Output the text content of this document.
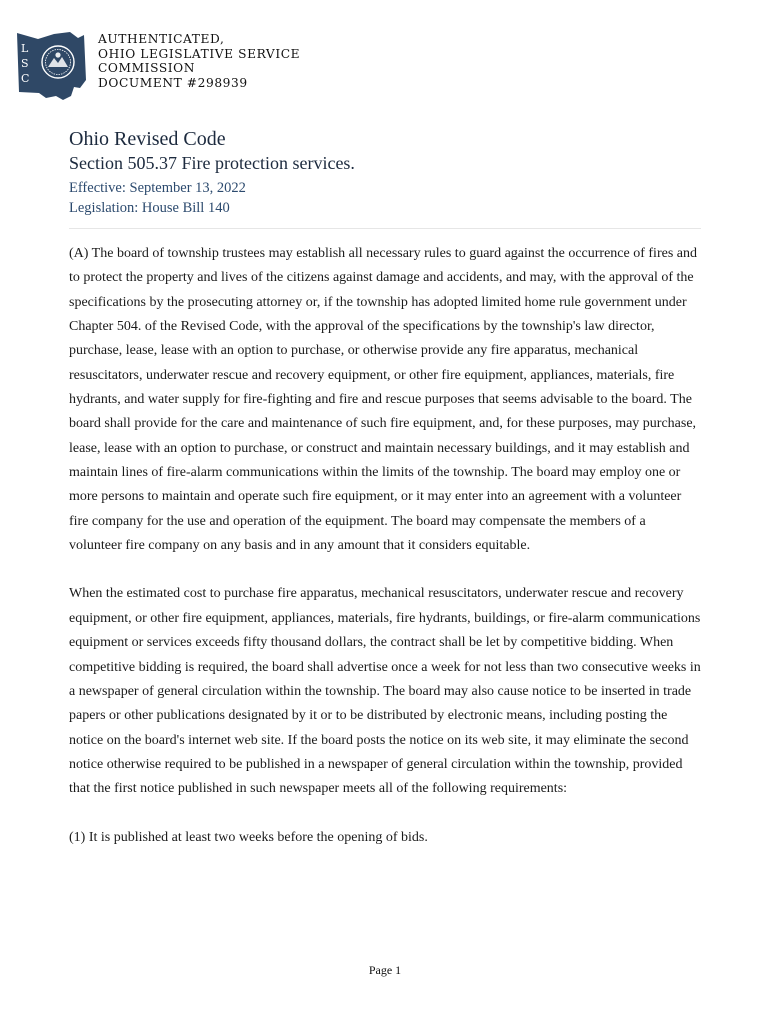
L
S
C
AUTHENTICATED,
OHIO LEGISLATIVE SERVICE
COMMISSION
DOCUMENT #298939
Ohio Revised Code
Section 505.37 Fire protection services.
Effective: September 13, 2022
Legislation: House Bill 140

(A) The board of township trustees may establish all necessary rules to guard against the occurrence of fires and to protect the property and lives of the citizens against damage and accidents, and may, with the approval of the specifications by the prosecuting attorney or, if the township has adopted limited home rule government under Chapter 504. of the Revised Code, with the approval of the specifications by the township's law director, purchase, lease, lease with an option to purchase, or otherwise provide any fire apparatus, mechanical resuscitators, underwater rescue and recovery equipment, or other fire equipment, appliances, materials, fire hydrants, and water supply for fire-fighting and fire and rescue purposes that seems advisable to the board. The board shall provide for the care and maintenance of such fire equipment, and, for these purposes, may purchase, lease, lease with an option to purchase, or construct and maintain necessary buildings, and it may establish and maintain lines of fire-alarm communications within the limits of the township. The board may employ one or more persons to maintain and operate such fire equipment, or it may enter into an agreement with a volunteer fire company for the use and operation of the equipment. The board may compensate the members of a volunteer fire company on any basis and in any amount that it considers equitable.

When the estimated cost to purchase fire apparatus, mechanical resuscitators, underwater rescue and recovery equipment, or other fire equipment, appliances, materials, fire hydrants, buildings, or fire-alarm communications equipment or services exceeds fifty thousand dollars, the contract shall be let by competitive bidding. When competitive bidding is required, the board shall advertise once a week for not less than two consecutive weeks in a newspaper of general circulation within the township. The board may also cause notice to be inserted in trade papers or other publications designated by it or to be distributed by electronic means, including posting the notice on the board's internet web site. If the board posts the notice on its web site, it may eliminate the second notice otherwise required to be published in a newspaper of general circulation within the township, provided that the first notice published in such newspaper meets all of the following requirements:

(1) It is published at least two weeks before the opening of bids.

Page 1
